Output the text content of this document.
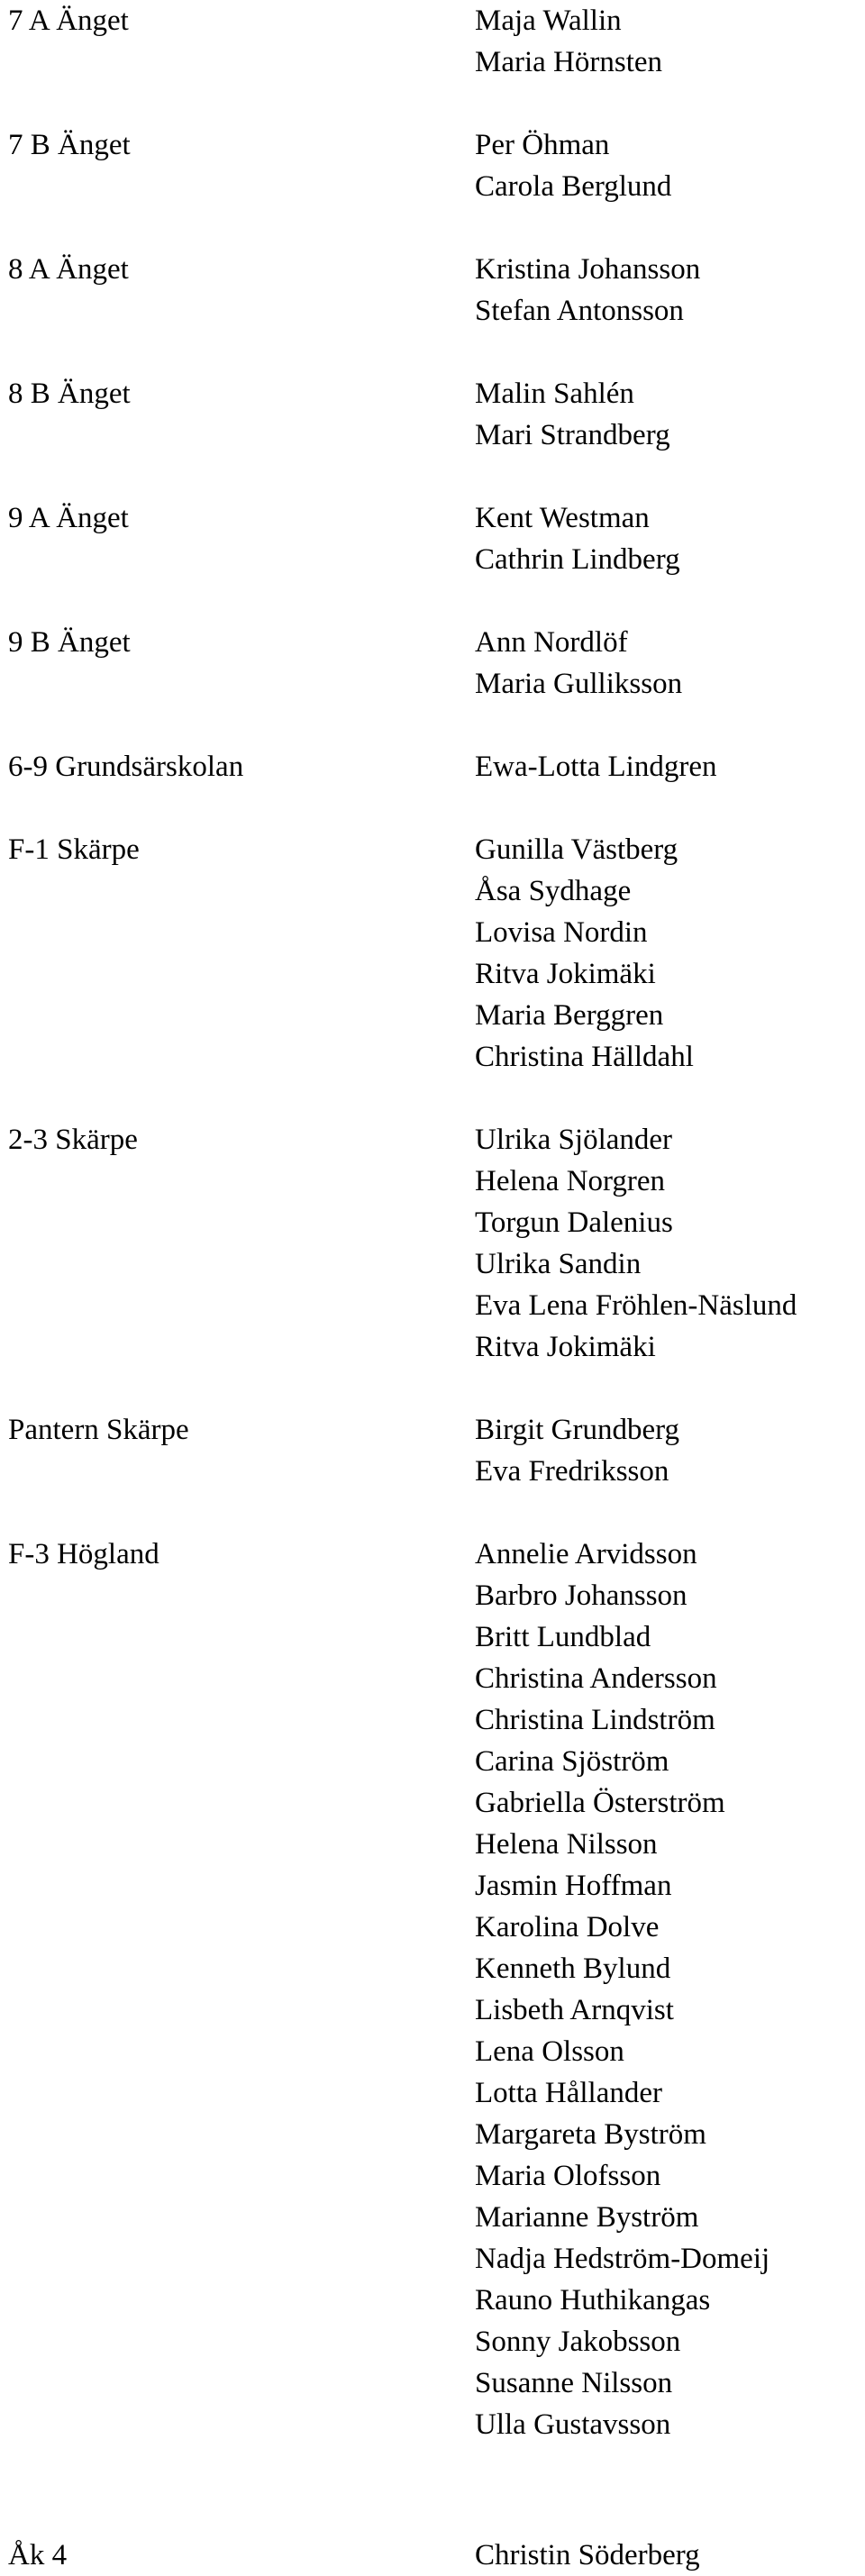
7 A Änget	Maja Wallin
Maria Hörnsten
7 B Änget	Per Öhman
Carola Berglund
8 A Änget	Kristina Johansson
Stefan Antonsson
8 B Änget	Malin Sahlén
Mari Strandberg
9 A Änget	Kent Westman
Cathrin Lindberg
9 B Änget	Ann Nordlöf
Maria Gulliksson
6-9 Grundsärskolan	Ewa-Lotta Lindgren
F-1 Skärpe	Gunilla Västberg
Åsa Sydhage
Lovisa Nordin
Ritva Jokimäki
Maria Berggren
Christina Hälldahl
2-3 Skärpe	Ulrika Sjölander
Helena Norgren
Torgun Dalenius
Ulrika Sandin
Eva Lena Fröhlen-Näslund
Ritva Jokimäki
Pantern Skärpe	Birgit Grundberg
Eva Fredriksson
F-3 Högland	Annelie Arvidsson
Barbro Johansson
Britt Lundblad
Christina Andersson
Christina Lindström
Carina Sjöström
Gabriella Österström
Helena Nilsson
Jasmin Hoffman
Karolina Dolve
Kenneth Bylund
Lisbeth Arnqvist
Lena Olsson
Lotta Hållander
Margareta Byström
Maria Olofsson
Marianne Byström
Nadja Hedström-Domeij
Rauno Huthikangas
Sonny Jakobsson
Susanne Nilsson
Ulla Gustavsson
Åk 4	Christin Söderberg
